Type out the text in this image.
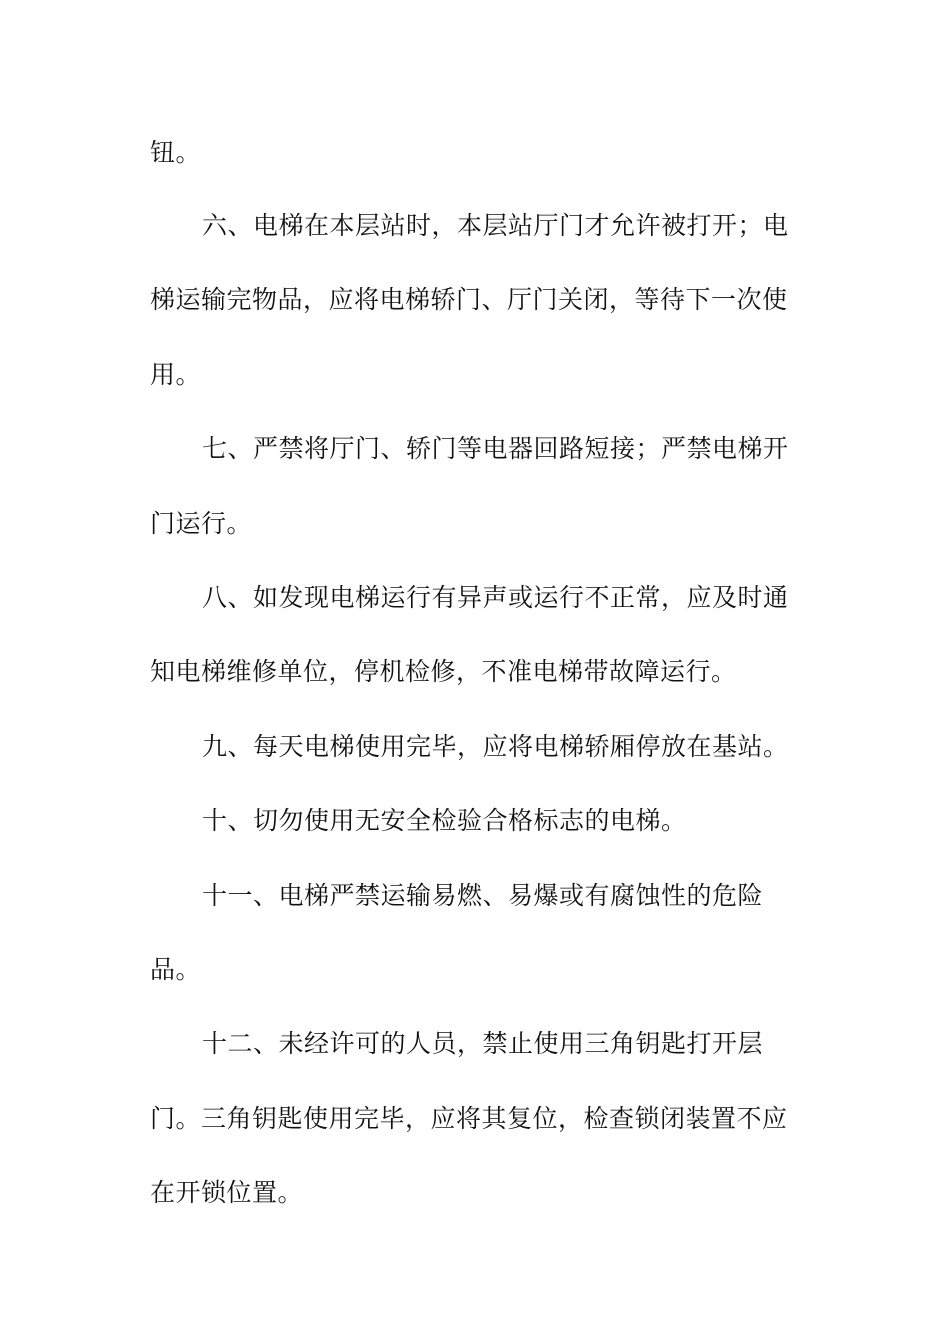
钮。
六、电梯在本层站时，本层站厅门才允许被打开；电
梯运输完物品，应将电梯轿门、厅门关闭，等待下一次使
用。
七、严禁将厅门、轿门等电器回路短接；严禁电梯开
门运行。
八、如发现电梯运行有异声或运行不正常，应及时通
知电梯维修单位，停机检修，不准电梯带故障运行。
九、每天电梯使用完毕，应将电梯轿厢停放在基站。
十、切勿使用无安全检验合格标志的电梯。
十一、电梯严禁运输易燃、易爆或有腐蚀性的危险
品。
十二、未经许可的人员，禁止使用三角钥匙打开层
门。三角钥匙使用完毕，应将其复位，检查锁闭装置不应
在开锁位置。
